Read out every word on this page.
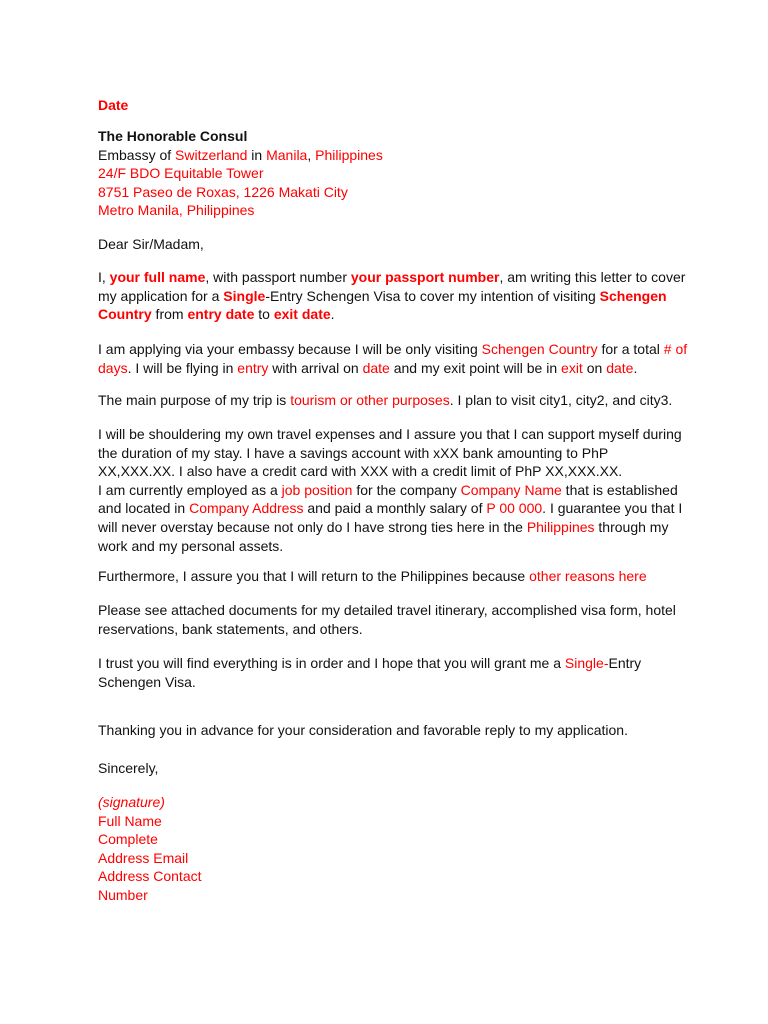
Date
The Honorable Consul
Embassy of Switzerland in Manila, Philippines
24/F BDO Equitable Tower
8751 Paseo de Roxas, 1226 Makati City
Metro Manila, Philippines
Dear Sir/Madam,
I, your full name, with passport number your passport number, am writing this letter to cover my application for a Single-Entry Schengen Visa to cover my intention of visiting Schengen Country from entry date to exit date.
I am applying via your embassy because I will be only visiting Schengen Country for a total # of days. I will be flying in entry with arrival on date and my exit point will be in exit on date.
The main purpose of my trip is tourism or other purposes. I plan to visit city1, city2, and city3.
I will be shouldering my own travel expenses and I assure you that I can support myself during the duration of my stay. I have a savings account with xXX bank amounting to PhP XX,XXX.XX. I also have a credit card with XXX with a credit limit of PhP XX,XXX.XX.
I am currently employed as a job position for the company Company Name that is established and located in Company Address and paid a monthly salary of P 00 000. I guarantee you that I will never overstay because not only do I have strong ties here in the Philippines through my work and my personal assets.
Furthermore, I assure you that I will return to the Philippines because other reasons here
Please see attached documents for my detailed travel itinerary, accomplished visa form, hotel reservations, bank statements, and others.
I trust you will find everything is in order and I hope that you will grant me a Single-Entry Schengen Visa.
Thanking you in advance for your consideration and favorable reply to my application.
Sincerely,
(signature)
Full Name
Complete
Address Email
Address Contact
Number
